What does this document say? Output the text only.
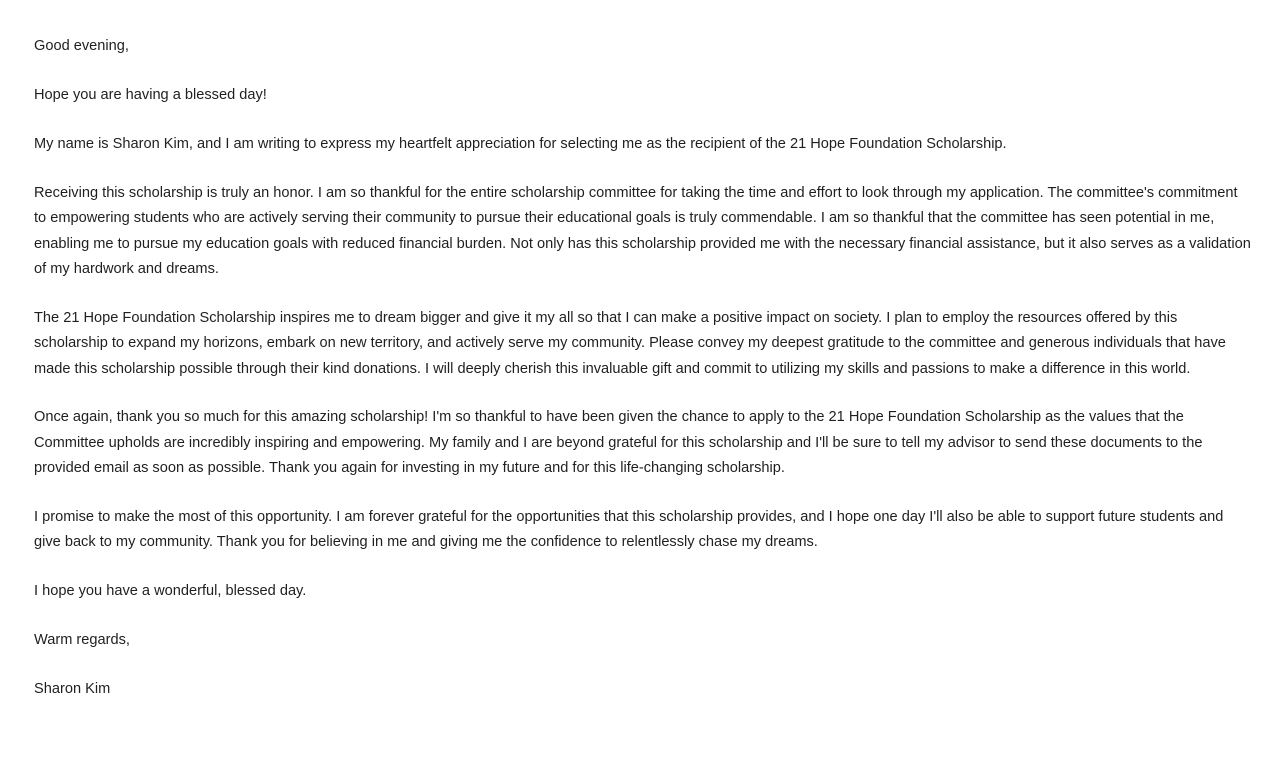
Good evening,

Hope you are having a blessed day!

My name is Sharon Kim, and I am writing to express my heartfelt appreciation for selecting me as the recipient of the 21 Hope Foundation Scholarship.

Receiving this scholarship is truly an honor. I am so thankful for the entire scholarship committee for taking the time and effort to look through my application. The committee's commitment to empowering students who are actively serving their community to pursue their educational goals is truly commendable. I am so thankful that the committee has seen potential in me, enabling me to pursue my education goals with reduced financial burden. Not only has this scholarship provided me with the necessary financial assistance, but it also serves as a validation of my hardwork and dreams.

The 21 Hope Foundation Scholarship inspires me to dream bigger and give it my all so that I can make a positive impact on society. I plan to employ the resources offered by this scholarship to expand my horizons, embark on new territory, and actively serve my community. Please convey my deepest gratitude to the committee and generous individuals that have made this scholarship possible through their kind donations. I will deeply cherish this invaluable gift and commit to utilizing my skills and passions to make a difference in this world.

Once again, thank you so much for this amazing scholarship! I'm so thankful to have been given the chance to apply to the 21 Hope Foundation Scholarship as the values that the Committee upholds are incredibly inspiring and empowering. My family and I are beyond grateful for this scholarship and I'll be sure to tell my advisor to send these documents to the provided email as soon as possible. Thank you again for investing in my future and for this life-changing scholarship.

I promise to make the most of this opportunity. I am forever grateful for the opportunities that this scholarship provides, and I hope one day I'll also be able to support future students and give back to my community. Thank you for believing in me and giving me the confidence to relentlessly chase my dreams.

I hope you have a wonderful, blessed day.

Warm regards,

Sharon Kim
